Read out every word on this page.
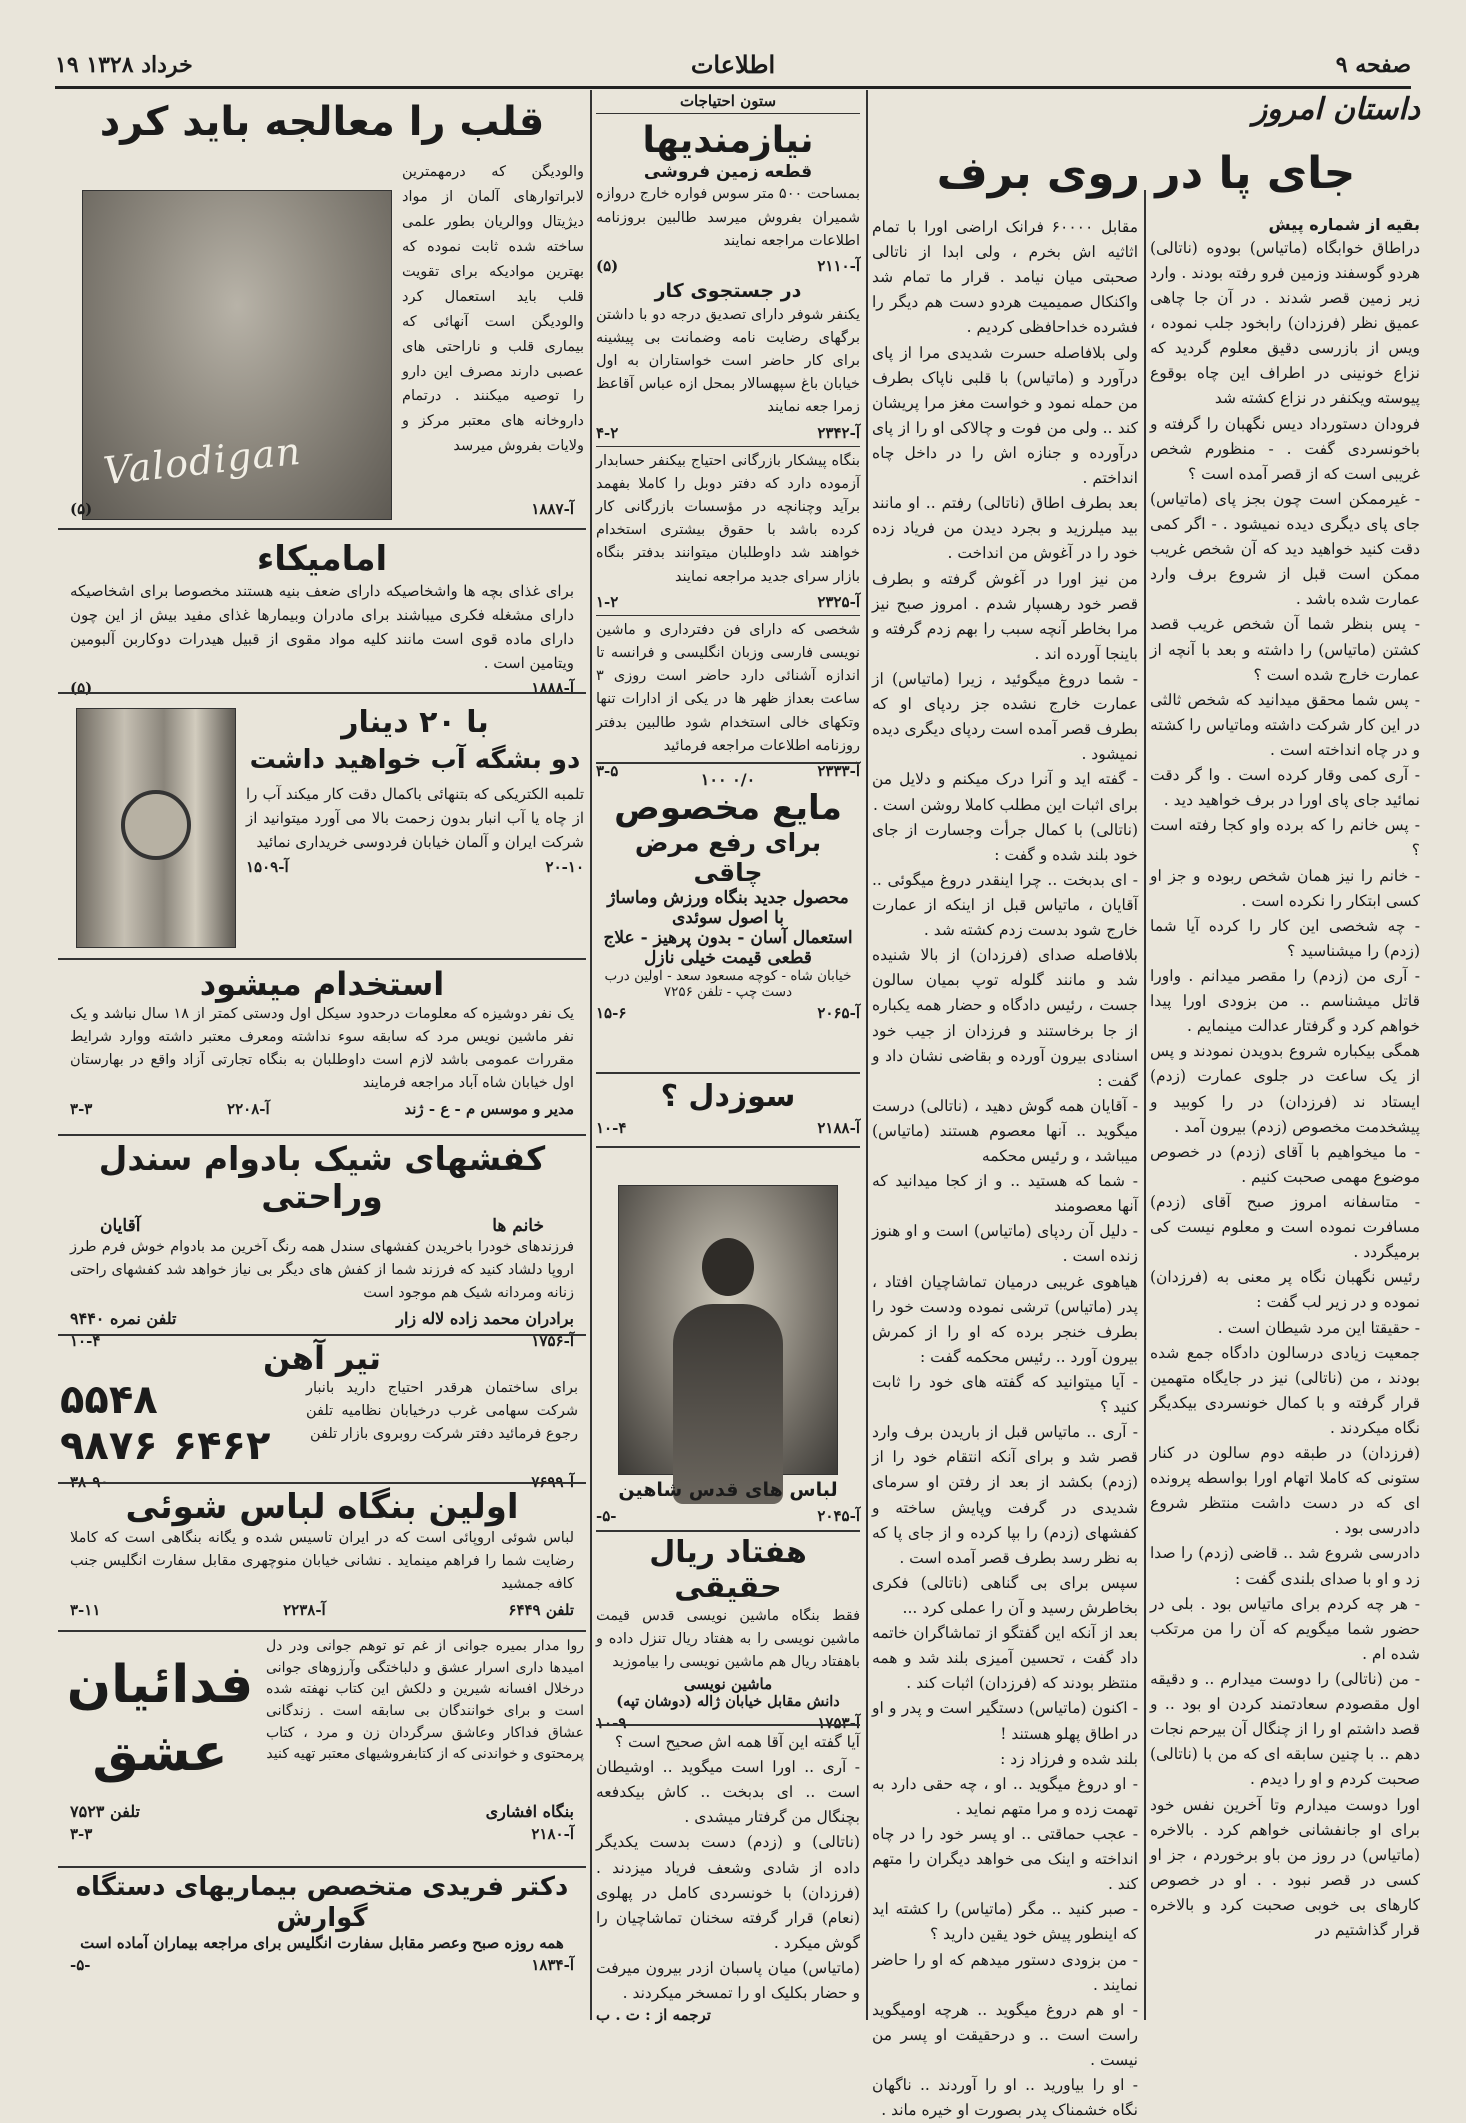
۱۹ خرداد ۱۳۲۸	اطلاعات	صفحه ۹
داستان امروز
جای پا در روی برف
بقیه از شماره پیش
دراطاق خوابگاه (ماتیاس) بودوه (ناتالی) هردو گوسفند وزمین فرو رفته بودند . وارد زیر زمین قصر شدند . در آن جا چاهی عمیق نظر (فرزدان) رابخود جلب نموده ، ویس از بازرسی دقیق معلوم گردید که نزاع خونینی در اطراف این چاه بوقوع پیوسته ویکنفر در نزاع کشته شد
فرودان دستورداد دیس نگهبان را گرفته و باخونسردی گفت . - منظورم شخص غریبی است که از قصر آمده است ؟
- غیرممکن است چون بجز پای (ماتیاس) جای پای دیگری دیده نمیشود . - اگر کمی دقت کنید خواهید دید که آن شخص غریب ممکن است قبل از شروع برف وارد عمارت شده باشد .
- پس بنظر شما آن شخص غریب قصد کشتن (ماتیاس) را داشته و بعد با آنچه از عمارت خارج شده است ؟
- پس شما محقق میدانید که شخص ثالثی در این کار شرکت داشته وماتیاس را کشته و در چاه انداخته است .
- آری کمی وقار کرده است . وا گر دقت نمائید جای پای اورا در برف خواهید دید .
- پس خانم را که برده واو کجا رفته است ؟
- خانم را نیز همان شخص ربوده و جز او کسی ابتکار را نکرده است .
- چه شخصی این کار را کرده آیا شما (زدم) را میشناسید ؟
- آری من (زدم) را مقصر میدانم . واورا قاتل میشناسم .. من بزودی اورا پیدا خواهم کرد و گرفتار عدالت مینمایم .
همگی بیکباره شروع بدویدن نمودند و پس از یک ساعت در جلوی عمارت (زدم) ایستاد ند (فرزدان) در را کوبید و پیشخدمت مخصوص (زدم) بیرون آمد .
- ما میخواهیم با آقای (زدم) در خصوص موضوع مهمی صحبت کنیم .
- متاسفانه امروز صبح آقای (زدم) مسافرت نموده است و معلوم نیست کی برمیگردد .
رئیس نگهبان نگاه پر معنی به (فرزدان) نموده و در زیر لب گفت :
- حقیقتا این مرد شیطان است .
جمعیت زیادی درسالون دادگاه جمع شده بودند ، من (ناتالی) نیز در جایگاه متهمین قرار گرفته و با کمال خونسردی بیکدیگر نگاه میکردند .
(فرزدان) در طبقه دوم سالون در کنار ستونی که کاملا اتهام اورا بواسطه پرونده ای که در دست داشت منتظر شروع دادرسی بود .
دادرسی شروع شد .. قاضی (زدم) را صدا زد و او با صدای بلندی گفت :
- هر چه کردم برای ماتیاس بود . بلی در حضور شما میگویم که آن را من مرتکب شده ام .
- من (ناتالی) را دوست میدارم .. و دقیقه اول مقصودم سعادتمند کردن او بود .. و قصد داشتم او را از چنگال آن بیرحم نجات دهم .. با چنین سابقه ای که من با (ناتالی) صحبت کردم و او را دیدم .
اورا دوست میدارم وتا آخرین نفس خود برای او جانفشانی خواهم کرد . بالاخره (ماتیاس) در روز من باو برخوردم ، جز او کسی در قصر نبود . . او در خصوص کارهای بی خوبی صحبت کرد و بالاخره قرار گذاشتیم در
مقابل ۶۰۰۰۰ فرانک اراضی اورا با تمام اثاثیه اش بخرم ، ولی ابدا از ناتالی صحبتی میان نیامد . قرار ما تمام شد واکنکال صمیمیت هردو دست هم دیگر را فشرده خداحافظی کردیم .
ولی بلافاصله حسرت شدیدی مرا از پای درآورد و (ماتیاس) با قلبی ناپاک بطرف من حمله نمود و خواست مغز مرا پریشان کند .. ولی من فوت و چالاکی او را از پای درآورده و جنازه اش را در داخل چاه انداختم .
بعد بطرف اطاق (ناتالی) رفتم .. او مانند بید میلرزید و بجرد دیدن من فریاد زده خود را در آغوش من انداخت .
من نیز اورا در آغوش گرفته و بطرف قصر خود رهسپار شدم . امروز صبح نیز مرا بخاطر آنچه سبب را بهم زدم گرفته و باینجا آورده اند .
- شما دروغ میگوئید ، زیرا (ماتیاس) از عمارت خارج نشده جز ردپای او که بطرف قصر آمده است ردپای دیگری دیده نمیشود .
- گفته اید و آنرا درک میکنم و دلایل من برای اثبات این مطلب کاملا روشن است .
(ناتالی) با کمال جرأت وجسارت از جای خود بلند شده و گفت :
- ای بدبخت .. چرا اینقدر دروغ میگوئی .. آقایان ، ماتیاس قبل از اینکه از عمارت خارج شود بدست زدم کشته شد .
بلافاصله صدای (فرزدان) از بالا شنیده شد و مانند گلوله توپ بمیان سالون جست ، رئیس دادگاه و حضار همه یکباره از جا برخاستند و فرزدان از جیب خود اسنادی بیرون آورده و بقاضی نشان داد و گفت :
- آقایان همه گوش دهید ، (ناتالی) درست میگوید .. آنها معصوم هستند (ماتیاس) میباشد ، و رئیس محکمه
- شما که هستید .. و از کجا میدانید که آنها معصومند
- دلیل آن ردپای (ماتیاس) است و او هنوز زنده است .
هیاهوی غریبی درمیان تماشاچیان افتاد ، پدر (ماتیاس) ترشی نموده ودست خود را بطرف خنجر برده که او را از کمرش بیرون آورد .. رئیس محکمه گفت :
- آیا میتوانید که گفته های خود را ثابت کنید ؟
- آری .. ماتیاس قبل از باریدن برف وارد قصر شد و برای آنکه انتقام خود را از (زدم) بکشد از بعد از رفتن او سرمای شدیدی در گرفت وپایش ساخته و کفشهای (زدم) را بپا کرده و از جای پا که به نظر رسد بطرف قصر آمده است .
سپس برای بی گناهی (ناتالی) فکری بخاطرش رسید و آن را عملی کرد ...
بعد از آنکه این گفتگو از تماشاگران خاتمه داد گفت ، تحسین آمیزی بلند شد و همه منتظر بودند که (فرزدان) اثبات کند .
- اکنون (ماتیاس) دستگیر است و پدر و او در اطاق پهلو هستند !
بلند شده و فرزاد زد :
- او دروغ میگوید .. او ، چه حقی دارد به تهمت زده و مرا متهم نماید .
- عجب حماقتی .. او پسر خود را در چاه انداخته و اینک می خواهد دیگران را متهم کند .
- صبر کنید .. مگر (ماتیاس) را کشته اید که اینطور پیش خود یقین دارید ؟
- من بزودی دستور میدهم که او را حاضر نمایند .
- او هم دروغ میگوید .. هرچه اومیگوید راست است .. و درحقیقت او پسر من نیست .
- او را بیاورید .. او را آوردند .. ناگهان نگاه خشمناک پدر بصورت او خیره ماند .
ستون احتیاجات
نیازمندیها
قطعه زمین فروشی
بمساحت ۵۰۰ متر سوس فواره خارج دروازه شمیران بفروش میرسد طالبین بروزنامه اطلاعات مراجعه نمایند
آ-۲۱۱۰
(۵)
در جستجوی کار
یکنفر شوفر دارای تصدیق درجه دو با داشتن برگهای رضایت نامه وضمانت بی پیشینه برای کار حاضر است خواستاران به اول خیابان باغ سپهسالار بمحل ازه عباس آقاعظ زمرا جعه نمایند
آ-۲۳۴۲
۴-۲
بنگاه پیشکار بازرگانی احتیاج بیکنفر حسابدار آزموده دارد که دفتر دوبل را کاملا بفهمد برآید وچنانچه در مؤسسات بازرگانی کار کرده باشد با حقوق بیشتری استخدام خواهند شد داوطلبان میتوانند بدفتر بنگاه بازار سرای جدید مراجعه نمایند
آ-۲۳۲۵
۱-۲
شخصی که دارای فن دفترداری و ماشین نویسی فارسی وزبان انگلیسی و فرانسه تا اندازه آشنائی دارد حاضر است روزی ۳ ساعت بعداز ظهر ها در یکی از ادارات تنها وتکهای خالی استخدام شود طالبین بدفتر روزنامه اطلاعات مراجعه فرمائید
آ-۲۳۳۳
۳-۵	۱۰۰ ۰/۰
مایع مخصوص
برای رفع مرض چاقی
محصول جدید بنگاه ورزش وماساژ
با اصول سوئدی
استعمال آسان - بدون پرهیز - علاج
قطعی قیمت خیلی نازل
خیابان شاه - کوچه مسعود سعد - اولین درب دست چپ - تلفن ۷۲۵۶
آ-۲۰۶۵
۱۵-۶
سوزدل ؟
آ-۲۱۸۸
۱۰-۴
لباس های قدس شاهین
آ-۲۰۴۵
-۵-
هفتاد ریال حقیقی
فقط بنگاه ماشین نویسی قدس قیمت ماشین نویسی را به هفتاد ریال تنزل داده و باهفتاد ریال هم ماشین نویسی را بیاموزید
ماشین نویسی
دانش مقابل خیابان ژاله (دوشان تپه)
آ-۱۷۵۳
۱۰-۹
آیا گفته این آقا همه اش صحیح است ؟
- آری .. اورا است میگوید .. اوشیطان است .. ای بدبخت .. کاش بیکدفعه بچنگال من گرفتار میشدی .
(ناتالی) و (زدم) دست بدست یکدیگر داده از شادی وشعف فریاد میزدند . (فرزدان) با خونسردی کامل در پهلوی (نعام) قرار گرفته سخنان تماشاچیان را گوش میکرد .
(ماتیاس) میان پاسبان ازدر بیرون میرفت و حضار بکلیک او را تمسخر میکردند .
ترجمه از : ت . ب
قلب را معالجه باید کرد
Valodigan
والودیگن که درمهمترین لابراتوارهای آلمان از مواد دیژیتال ووالریان بطور علمی ساخته شده ثابت نموده که بهترین موادیکه برای تقویت قلب باید استعمال کرد والودیگن است آنهائی که بیماری قلب و ناراحتی های عصبی دارند مصرف این دارو را توصیه میکنند . درتمام داروخانه های معتبر مرکز و ولایات بفروش میرسد
آ-۱۸۸۷
(۵)
امامیکاء
برای غذای بچه ها واشخاصیکه دارای ضعف بنیه هستند مخصوصا برای اشخاصیکه دارای مشغله فکری میباشند برای مادران وبیمارها غذای مفید بیش از این چون دارای ماده قوی است مانند کلیه مواد مقوی از قبیل هیدرات دوکاربن آلبومین ویتامین است .
آ-۱۸۸۸
(۵)
با ۲۰ دینار
دو بشگه آب خواهید داشت
تلمبه الکتریکی که بتنهائی باکمال دقت کار میکند آب را از چاه یا آب انبار بدون زحمت بالا می آورد میتوانید از شرکت ایران و آلمان خیابان فردوسی خریداری نمائید
۲۰-۱۰
آ-۱۵۰۹
استخدام میشود
یک نفر دوشیزه که معلومات درحدود سیکل اول ودستی کمتر از ۱۸ سال نباشد و یک نفر ماشین نویس مرد که سابقه سوء نداشته ومعرف معتبر داشته ووارد شرایط مقررات عمومی باشد لازم است داوطلبان به بنگاه تجارتی آزاد واقع در بهارستان اول خیابان شاه آباد مراجعه فرمایند
مدیر و موسس م - ع - ژند
آ-۲۲۰۸
۳-۳
کفشهای شیک بادوام سندل وراحتی
خانم ها
آقایان
فرزندهای خودرا باخریدن کفشهای سندل همه رنگ آخرین مد بادوام خوش فرم طرز اروپا دلشاد کنید که فرزند شما از کفش های دیگر بی نیاز خواهد شد کفشهای راحتی زنانه ومردانه شیک هم موجود است
برادران محمد زاده لاله زار
تلفن نمره ۹۴۴۰
آ-۱۷۵۶
۱۰-۴	تیر آهن
برای ساختمان هرقدر احتیاج دارید بانبار شرکت سهامی غرب درخیابان نظامیه تلفن رجوع فرمائید دفتر شرکت روبروی بازار تلفن
۵۵۴۸
۹۸۷۶ ۶۴۶۲
آ-۷۶۹۹
۳۸-۹۰
اولین بنگاه لباس شوئی
لباس شوئی اروپائی است که در ایران تاسیس شده و یگانه بنگاهی است که کاملا رضایت شما را فراهم مینماید . نشانی خیابان منوچهری مقابل سفارت انگلیس جنب کافه جمشید
تلفن ۶۴۴۹
آ-۲۲۳۸
۳-۱۱
فدائیان عشق
روا مدار بمیره جوانی از غم تو توهم جوانی ودر دل امیدها داری اسرار عشق و دلباختگی وآرزوهای جوانی درخلال افسانه شیرین و دلکش این کتاب نهفته شده است و برای خوانندگان بی سابقه است . زندگانی عشاق فداکار وعاشق سرگردان زن و مرد ، کتاب پرمحتوی و خواندنی که از کتابفروشیهای معتبر تهیه کنید
بنگاه افشاری
تلفن ۷۵۲۳
آ-۲۱۸۰
۳-۳
دکتر فریدی متخصص بیماریهای دستگاه گوارش
همه روزه صبح وعصر مقابل سفارت انگلیس برای مراجعه بیماران آماده است
آ-۱۸۳۴
-۵-
